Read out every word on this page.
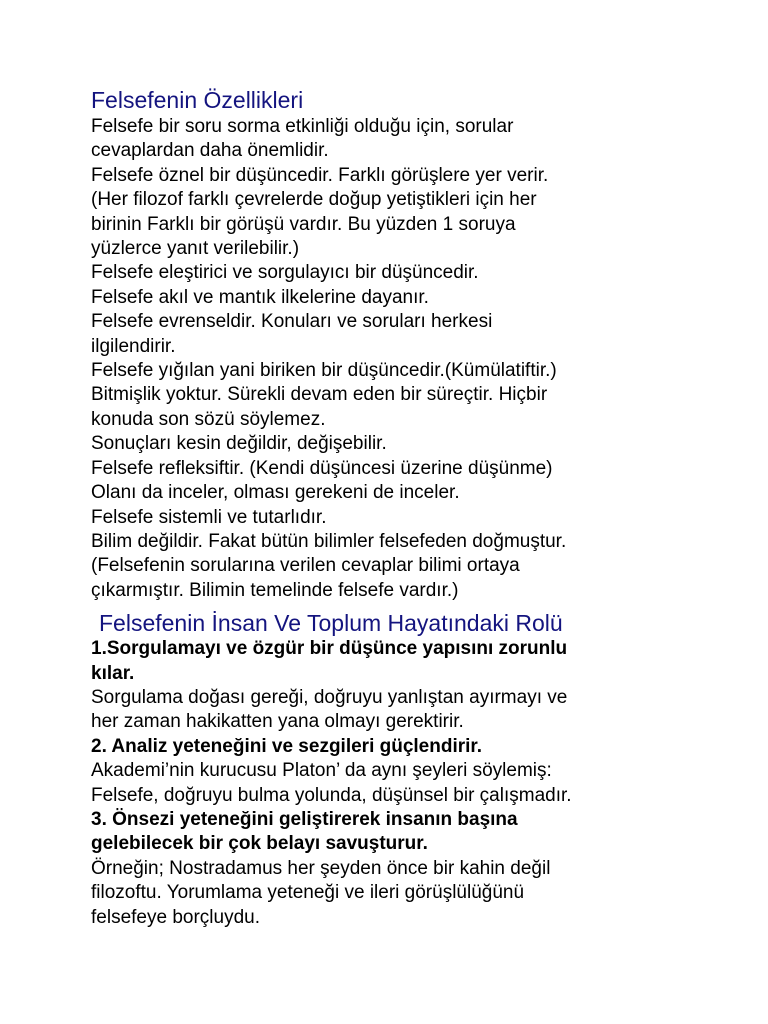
Felsefenin Özellikleri

Felsefe bir soru sorma etkinliği olduğu için, sorular

cevaplardan daha önemlidir.

Felsefe öznel bir düşüncedir. Farklı görüşlere yer verir.

(Her filozof farklı çevrelerde doğup yetiştikleri için her

birinin Farklı bir görüşü vardır. Bu yüzden 1 soruya

yüzlerce yanıt verilebilir.)

Felsefe eleştirici ve sorgulayıcı bir düşüncedir.

Felsefe akıl ve mantık ilkelerine dayanır.

Felsefe evrenseldir. Konuları ve soruları herkesi

ilgilendirir.

Felsefe yığılan yani biriken bir düşüncedir.(Kümülatiftir.)

Bitmişlik yoktur. Sürekli devam eden bir süreçtir. Hiçbir

konuda son sözü söylemez.

Sonuçları kesin değildir, değişebilir.

Felsefe refleksiftir. (Kendi düşüncesi üzerine düşünme)

Olanı da inceler, olması gerekeni de inceler.

Felsefe sistemli ve tutarlıdır.

Bilim değildir. Fakat bütün bilimler felsefeden doğmuştur.

(Felsefenin sorularına verilen cevaplar bilimi ortaya

çıkarmıştır. Bilimin temelinde felsefe vardır.)

Felsefenin İnsan Ve Toplum Hayatındaki Rolü

1.Sorgulamayı ve özgür bir düşünce yapısını zorunlu

kılar.

Sorgulama doğası gereği, doğruyu yanlıştan ayırmayı ve

her zaman hakikatten yana olmayı gerektirir.

2. Analiz yeteneğini ve sezgileri güçlendirir.

Akademi’nin kurucusu Platon’ da aynı şeyleri söylemiş:

Felsefe, doğruyu bulma yolunda, düşünsel bir çalışmadır.

3. Önsezi yeteneğini geliştirerek insanın başına

gelebilecek bir çok belayı savuşturur.

Örneğin; Nostradamus her şeyden önce bir kahin değil

filozoftu. Yorumlama yeteneği ve ileri görüşlülüğünü

felsefeye borçluydu.
